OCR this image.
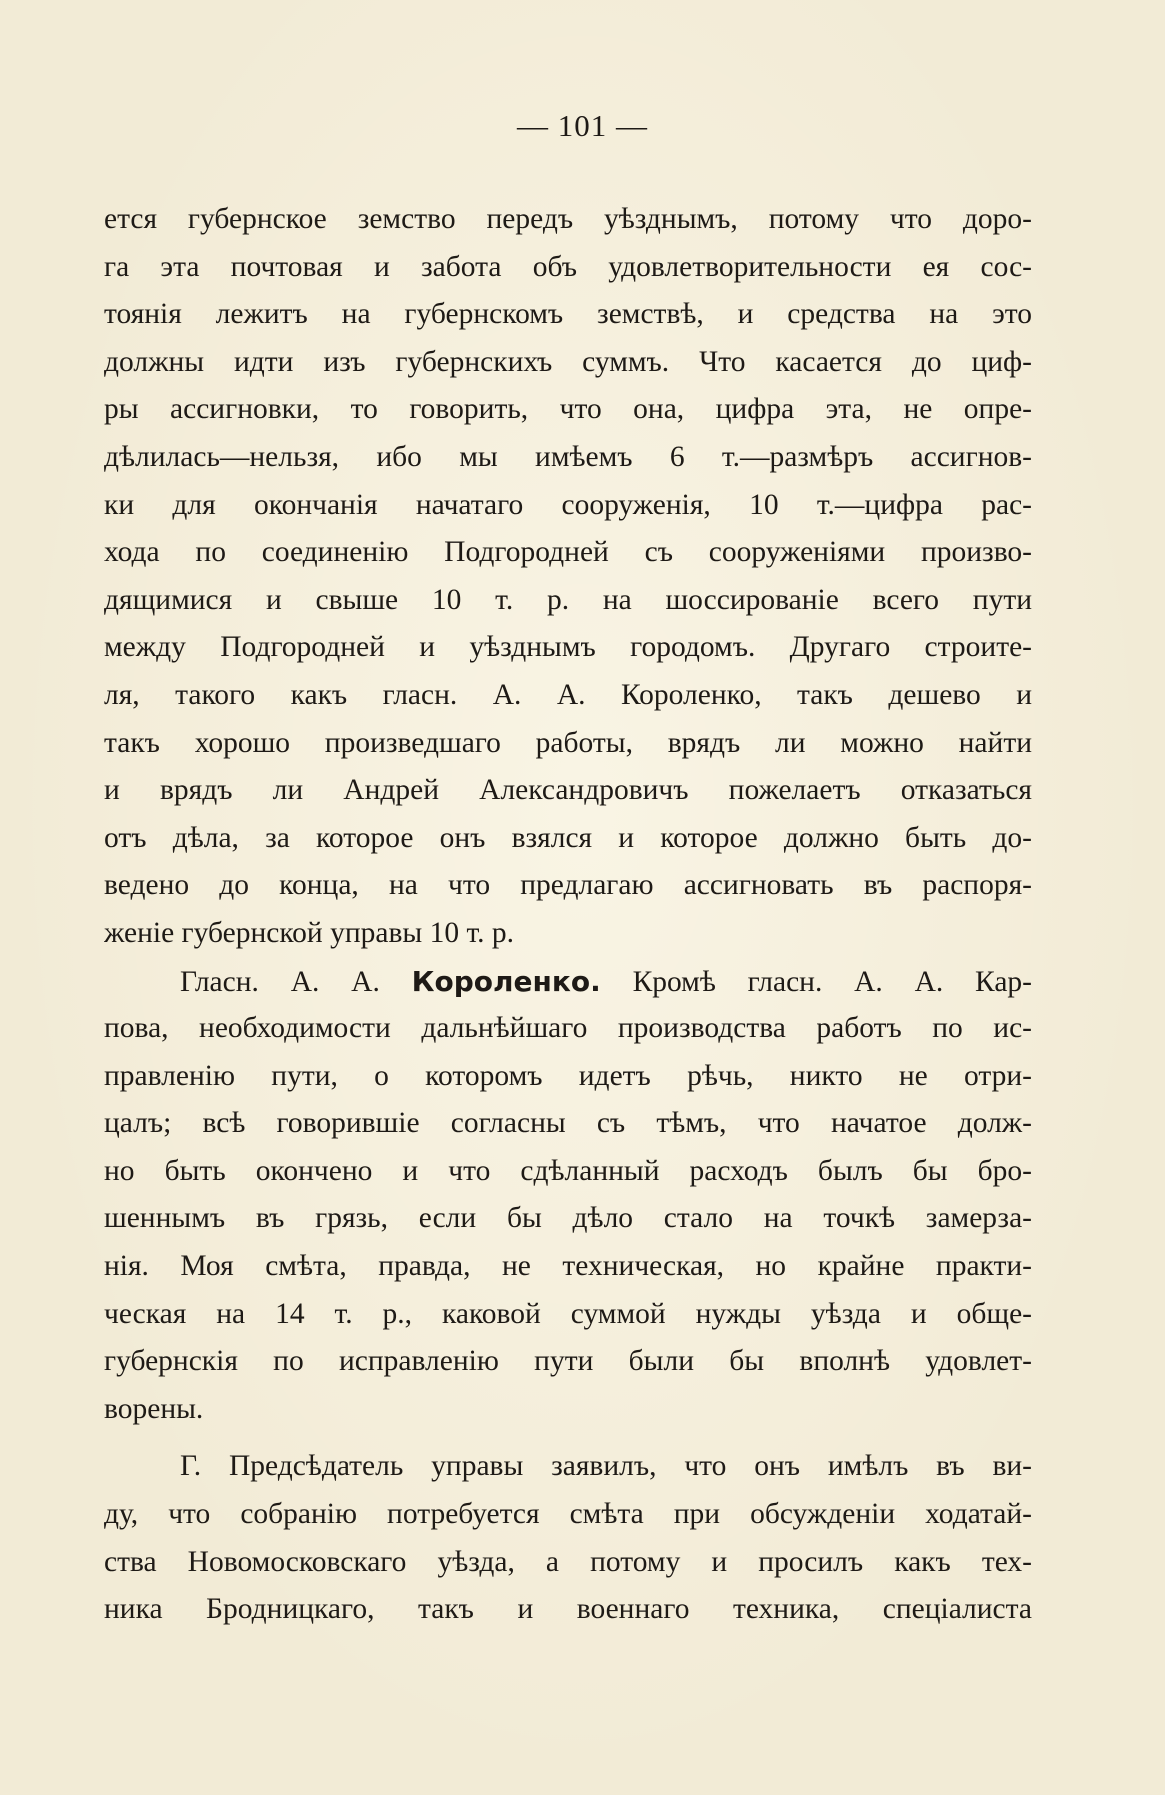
— 101 —
ется губернское земство передъ уѣзднымъ, потому что доро-
га эта почтовая и забота объ удовлетворительности ея сос-
тоянія лежитъ на губернскомъ земствѣ, и средства на это
должны идти изъ губернскихъ суммъ. Что касается до циф-
ры ассигновки, то говорить, что она, цифра эта, не опре-
дѣлилась—нельзя, ибо мы имѣемъ 6 т.—размѣръ ассигнов-
ки для окончанія начатаго сооруженія, 10 т.—цифра рас-
хода по соединенію Подгородней съ сооруженіями произво-
дящимися и свыше 10 т. р. на шоссированіе всего пути
между Подгородней и уѣзднымъ городомъ. Другаго строите-
ля, такого какъ гласн. А. А. Короленко, такъ дешево и
такъ хорошо произведшаго работы, врядъ ли можно найти
и врядъ ли Андрей Александровичъ пожелаетъ отказаться
отъ дѣла, за которое онъ взялся и которое должно быть до-
ведено до конца, на что предлагаю ассигновать въ распоря-
женіе губернской управы 10 т. р.
Гласн. А. А. Короленко. Кромѣ гласн. А. А. Кар-
пова, необходимости дальнѣйшаго производства работъ по ис-
правленію пути, о которомъ идетъ рѣчь, никто не отри-
цалъ; всѣ говорившіе согласны съ тѣмъ, что начатое долж-
но быть окончено и что сдѣланный расходъ былъ бы бро-
шеннымъ въ грязь, если бы дѣло стало на точкѣ замерза-
нія. Моя смѣта, правда, не техническая, но крайне практи-
ческая на 14 т. р., каковой суммой нужды уѣзда и обще-
губернскія по исправленію пути были бы вполнѣ удовлет-
ворены.
Г. Предсѣдатель управы заявилъ, что онъ имѣлъ въ ви-
ду, что собранію потребуется смѣта при обсужденіи ходатай-
ства Новомосковскаго уѣзда, а потому и просилъ какъ тех-
ника Бродницкаго, такъ и военнаго техника, спеціалиста
